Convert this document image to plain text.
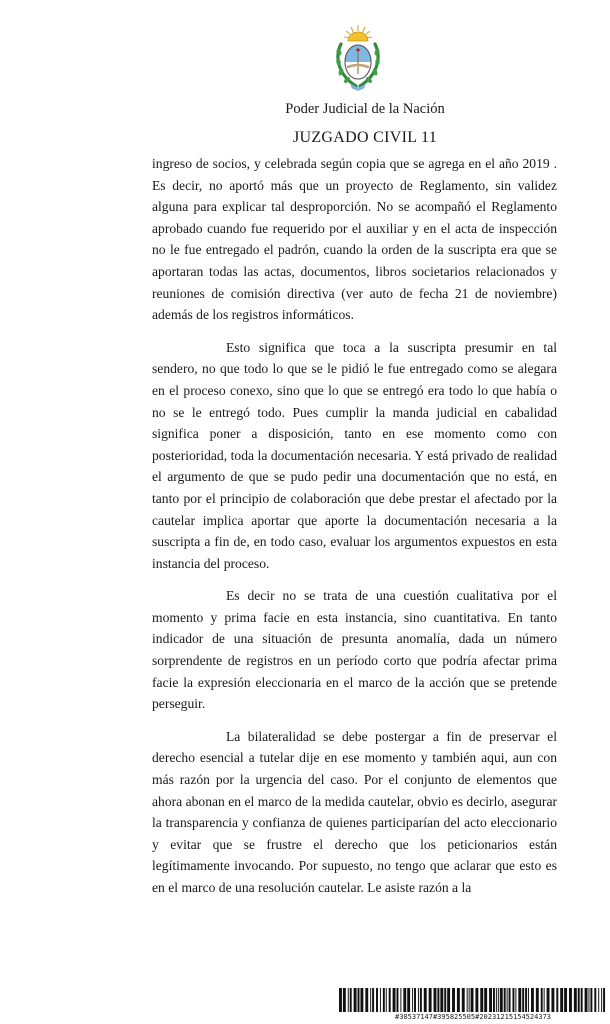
Poder Judicial de la Nación
JUZGADO CIVIL 11

ingreso de socios, y celebrada según copia que se agrega en el año 2019 . Es decir, no aportó más que un proyecto de Reglamento, sin validez alguna para explicar tal desproporción. No se acompañó el Reglamento aprobado cuando fue requerido por el auxiliar y en el acta de inspección no le fue entregado el padrón, cuando la orden de la suscripta era que se aportaran todas las actas, documentos, libros societarios relacionados y reuniones de comisión directiva (ver auto de fecha 21 de noviembre) además de los registros informáticos.

Esto significa que toca a la suscripta presumir en tal sendero, no que todo lo que se le pidió le fue entregado como se alegara en el proceso conexo, sino que lo que se entregó era todo lo que había o no se le entregó todo. Pues cumplir la manda judicial en cabalidad significa poner a disposición, tanto en ese momento como con posterioridad, toda la documentación necesaria. Y está privado de realidad el argumento de que se pudo pedir una documentación que no está, en tanto por el principio de colaboración que debe prestar el afectado por la cautelar implica aportar que aporte la documentación necesaria a la suscripta a fin de, en todo caso, evaluar los argumentos expuestos en esta instancia del proceso.

Es decir no se trata de una cuestión cualitativa por el momento y prima facie en esta instancia, sino cuantitativa. En tanto indicador de una situación de presunta anomalía, dada un número sorprendente de registros en un período corto que podría afectar prima facie la expresión eleccionaria en el marco de la acción que se pretende perseguir.

La bilateralidad se debe postergar a fin de preservar el derecho esencial a tutelar dije en ese momento y también aqui, aun con más razón por la urgencia del caso. Por el conjunto de elementos que ahora abonan en el marco de la medida cautelar, obvio es decirlo, asegurar la transparencia y confianza de quienes participarían del acto eleccionario y evitar que se frustre el derecho que los peticionarios están legítimamente invocando. Por supuesto, no tengo que aclarar que esto es en el marco de una resolución cautelar. Le asiste razón a la

#38537147#395825505#20231215154524373
